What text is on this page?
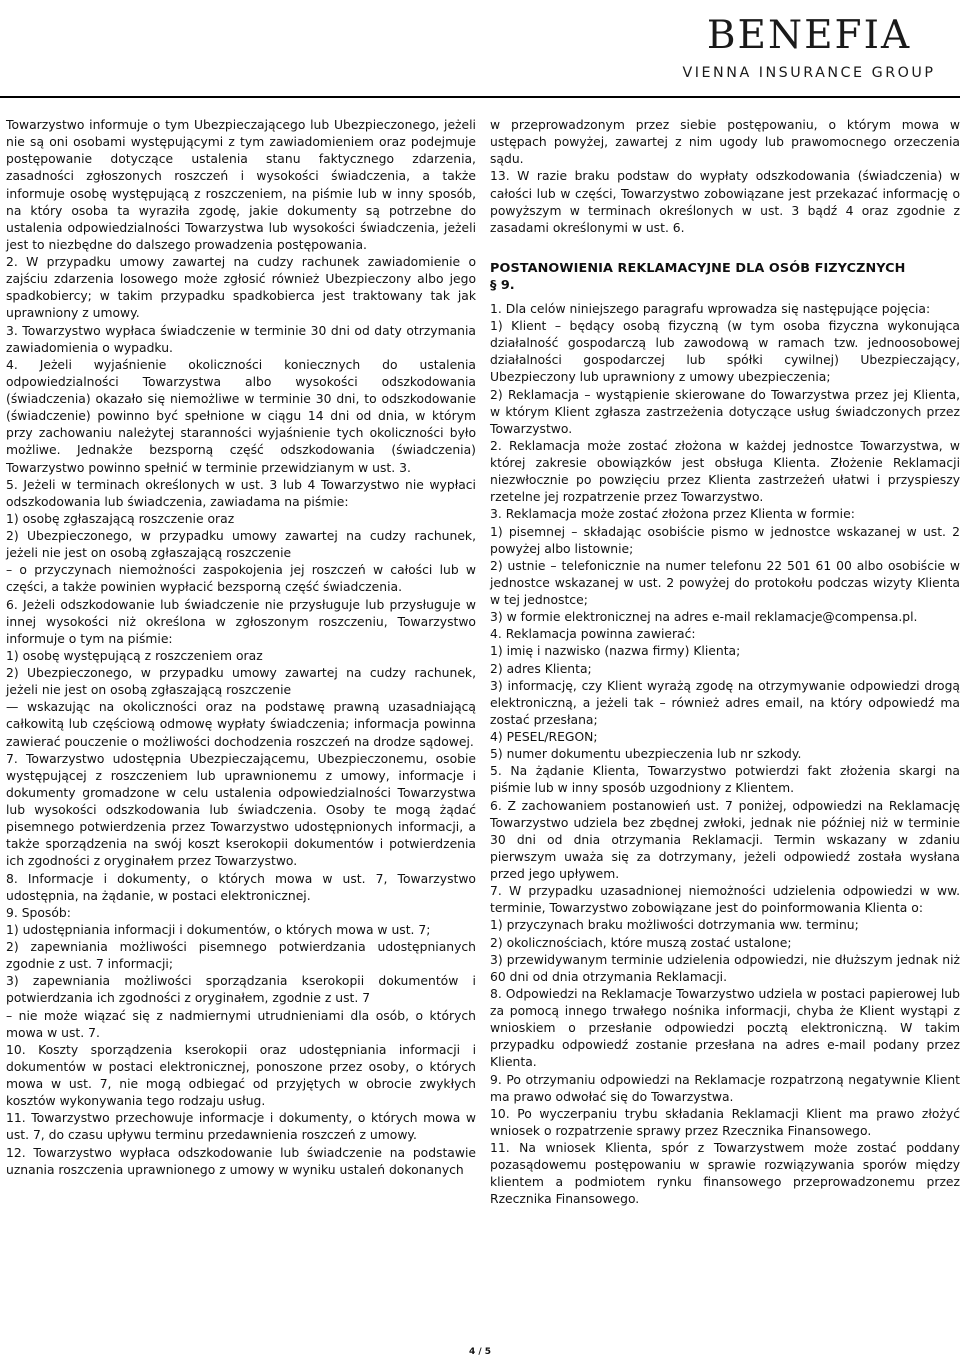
BENEFIA
VIENNA INSURANCE GROUP

Towarzystwo informuje o tym Ubezpieczającego lub Ubezpieczonego, jeżeli nie są oni osobami występującymi z tym zawiadomieniem oraz podejmuje postępowanie dotyczące ustalenia stanu faktycznego zdarzenia, zasadności zgłoszonych roszczeń i wysokości świadczenia, a także informuje osobę występującą z roszczeniem, na piśmie lub w inny sposób, na który osoba ta wyraziła zgodę, jakie dokumenty są potrzebne do ustalenia odpowiedzialności Towarzystwa lub wysokości świadczenia, jeżeli jest to niezbędne do dalszego prowadzenia postępowania.

2. W przypadku umowy zawartej na cudzy rachunek zawiadomienie o zajściu zdarzenia losowego może zgłosić również Ubezpieczony albo jego spadkobiercy; w takim przypadku spadkobierca jest traktowany tak jak uprawniony z umowy.

3. Towarzystwo wypłaca świadczenie w terminie 30 dni od daty otrzymania zawiadomienia o wypadku.

4. Jeżeli wyjaśnienie okoliczności koniecznych do ustalenia odpowiedzialności Towarzystwa albo wysokości odszkodowania (świadczenia) okazało się niemożliwe w terminie 30 dni, to odszkodowanie (świadczenie) powinno być spełnione w ciągu 14 dni od dnia, w którym przy zachowaniu należytej staranności wyjaśnienie tych okoliczności było możliwe. Jednakże bezsporną część odszkodowania (świadczenia) Towarzystwo powinno spełnić w terminie przewidzianym w ust. 3.

5. Jeżeli w terminach określonych w ust. 3 lub 4 Towarzystwo nie wypłaci odszkodowania lub świadczenia, zawiadama na piśmie:

1) osobę zgłaszającą roszczenie oraz

2) Ubezpieczonego, w przypadku umowy zawartej na cudzy rachunek, jeżeli nie jest on osobą zgłaszającą roszczenie

– o przyczynach niemożności zaspokojenia jej roszczeń w całości lub w części, a także powinien wypłacić bezsporną część świadczenia.

6. Jeżeli odszkodowanie lub świadczenie nie przysługuje lub przysługuje w innej wysokości niż określona w zgłoszonym roszczeniu, Towarzystwo informuje o tym na piśmie:

1) osobę występującą z roszczeniem oraz

2) Ubezpieczonego, w przypadku umowy zawartej na cudzy rachunek, jeżeli nie jest on osobą zgłaszającą roszczenie

— wskazując na okoliczności oraz na podstawę prawną uzasadniającą całkowitą lub częściową odmowę wypłaty świadczenia; informacja powinna zawierać pouczenie o możliwości dochodzenia roszczeń na drodze sądowej.

7. Towarzystwo udostępnia Ubezpieczającemu, Ubezpieczonemu, osobie występującej z roszczeniem lub uprawnionemu z umowy, informacje i dokumenty gromadzone w celu ustalenia odpowiedzialności Towarzystwa lub wysokości odszkodowania lub świadczenia. Osoby te mogą żądać pisemnego potwierdzenia przez Towarzystwo udostępnionych informacji, a także sporządzenia na swój koszt kserokopii dokumentów i potwierdzenia ich zgodności z oryginałem przez Towarzystwo.

8. Informacje i dokumenty, o których mowa w ust. 7, Towarzystwo udostępnia, na żądanie, w postaci elektronicznej.

9. Sposób:

1) udostępniania informacji i dokumentów, o których mowa w ust. 7;

2) zapewniania możliwości pisemnego potwierdzania udostępnianych zgodnie z ust. 7 informacji;

3) zapewniania możliwości sporządzania kserokopii dokumentów i potwierdzania ich zgodności z oryginałem, zgodnie z ust. 7

– nie może wiązać się z nadmiernymi utrudnieniami dla osób, o których mowa w ust. 7.

10. Koszty sporządzenia kserokopii oraz udostępniania informacji i dokumentów w postaci elektronicznej, ponoszone przez osoby, o których mowa w ust. 7, nie mogą odbiegać od przyjętych w obrocie zwykłych kosztów wykonywania tego rodzaju usług.

11. Towarzystwo przechowuje informacje i dokumenty, o których mowa w ust. 7, do czasu upływu terminu przedawnienia roszczeń z umowy.

12. Towarzystwo wypłaca odszkodowanie lub świadczenie na podstawie uznania roszczenia uprawnionego z umowy w wyniku ustaleń dokonanych

w przeprowadzonym przez siebie postępowaniu, o którym mowa w ustępach powyżej, zawartej z nim ugody lub prawomocnego orzeczenia sądu.

13. W razie braku podstaw do wypłaty odszkodowania (świadczenia) w całości lub w części, Towarzystwo zobowiązane jest przekazać informację o powyższym w terminach określonych w ust. 3 bądź 4 oraz zgodnie z zasadami określonymi w ust. 6.

POSTANOWIENIA REKLAMACYJNE DLA OSÓB FIZYCZNYCH
§ 9.

1. Dla celów niniejszego paragrafu wprowadza się następujące pojęcia:

1) Klient – będący osobą fizyczną (w tym osoba fizyczna wykonująca działalność gospodarczą lub zawodową w ramach tzw. jednoosobowej działalności gospodarczej lub spółki cywilnej) Ubezpieczający, Ubezpieczony lub uprawniony z umowy ubezpieczenia;

2) Reklamacja – wystąpienie skierowane do Towarzystwa przez jej Klienta, w którym Klient zgłasza zastrzeżenia dotyczące usług świadczonych przez Towarzystwo.

2. Reklamacja może zostać złożona w każdej jednostce Towarzystwa, w której zakresie obowiązków jest obsługa Klienta. Złożenie Reklamacji niezwłocznie po powzięciu przez Klienta zastrzeżeń ułatwi i przyspieszy rzetelne jej rozpatrzenie przez Towarzystwo.

3. Reklamacja może zostać złożona przez Klienta w formie:

1) pisemnej – składając osobiście pismo w jednostce wskazanej w ust. 2 powyżej albo listownie;

2) ustnie – telefonicznie na numer telefonu 22 501 61 00 albo osobiście w jednostce wskazanej w ust. 2 powyżej do protokołu podczas wizyty Klienta w tej jednostce;

3) w formie elektronicznej na adres e-mail reklamacje@compensa.pl.

4. Reklamacja powinna zawierać:

1) imię i nazwisko (nazwa firmy) Klienta;

2) adres Klienta;

3) informację, czy Klient wyrażą zgodę na otrzymywanie odpowiedzi drogą elektroniczną, a jeżeli tak – również adres email, na który odpowiedź ma zostać przesłana;

4) PESEL/REGON;

5) numer dokumentu ubezpieczenia lub nr szkody.

5. Na żądanie Klienta, Towarzystwo potwierdzi fakt złożenia skargi na piśmie lub w inny sposób uzgodniony z Klientem.

6. Z zachowaniem postanowień ust. 7 poniżej, odpowiedzi na Reklamację Towarzystwo udziela bez zbędnej zwłoki, jednak nie później niż w terminie 30 dni od dnia otrzymania Reklamacji. Termin wskazany w zdaniu pierwszym uważa się za dotrzymany, jeżeli odpowiedź została wysłana przed jego upływem.

7. W przypadku uzasadnionej niemożności udzielenia odpowiedzi w ww. terminie, Towarzystwo zobowiązane jest do poinformowania Klienta o:

1) przyczynach braku możliwości dotrzymania ww. terminu;

2) okolicznościach, które muszą zostać ustalone;

3) przewidywanym terminie udzielenia odpowiedzi, nie dłuższym jednak niż 60 dni od dnia otrzymania Reklamacji.

8. Odpowiedzi na Reklamacje Towarzystwo udziela w postaci papierowej lub za pomocą innego trwałego nośnika informacji, chyba że Klient wystąpi z wnioskiem o przesłanie odpowiedzi pocztą elektroniczną. W takim przypadku odpowiedź zostanie przesłana na adres e-mail podany przez Klienta.

9. Po otrzymaniu odpowiedzi na Reklamacje rozpatrzoną negatywnie Klient ma prawo odwołać się do Towarzystwa.

10. Po wyczerpaniu trybu składania Reklamacji Klient ma prawo złożyć wniosek o rozpatrzenie sprawy przez Rzecznika Finansowego.

11. Na wniosek Klienta, spór z Towarzystwem może zostać poddany pozasądowemu postępowaniu w sprawie rozwiązywania sporów między klientem a podmiotem rynku finansowego przeprowadzonemu przez Rzecznika Finansowego.

4 / 5
